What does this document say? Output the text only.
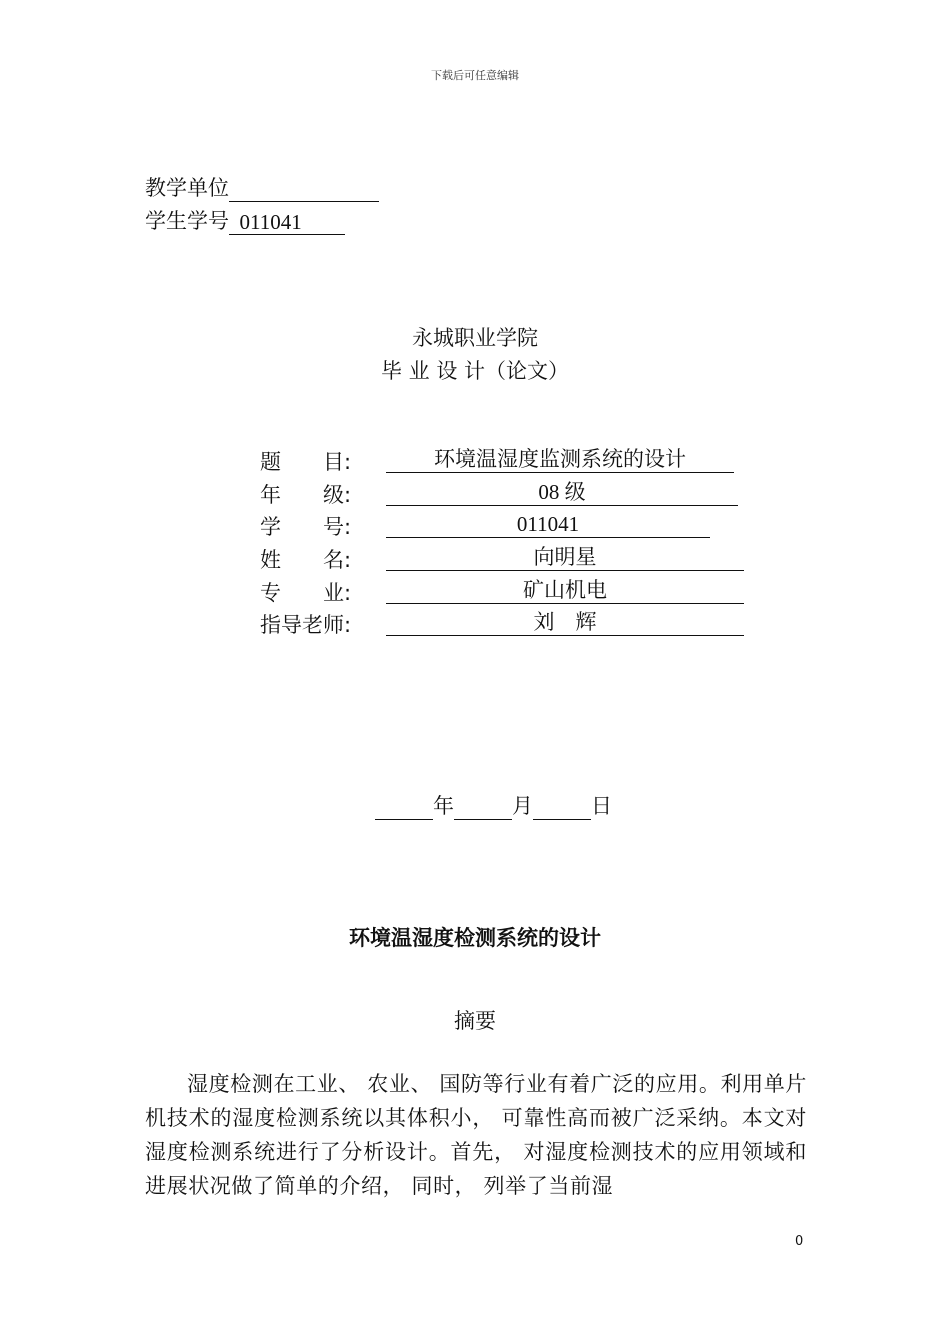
下载后可任意编辑
教学单位
学生学号 011041
永城职业学院
毕 业 设 计（论文）
题　　目:	环境温湿度监测系统的设计
年　　级:	08 级
学　　号:	011041
姓　　名:	向明星
专　　业:	矿山机电
指导老师:	刘　辉
年	月	日
环境温湿度检测系统的设计
摘要
湿度检测在工业、 农业、 国防等行业有着广泛的应用。利用单片机技术的湿度检测系统以其体积小， 可靠性高而被广泛采纳。本文对湿度检测系统进行了分析设计。首先， 对湿度检测技术的应用领域和进展状况做了简单的介绍， 同时， 列举了当前湿
0
